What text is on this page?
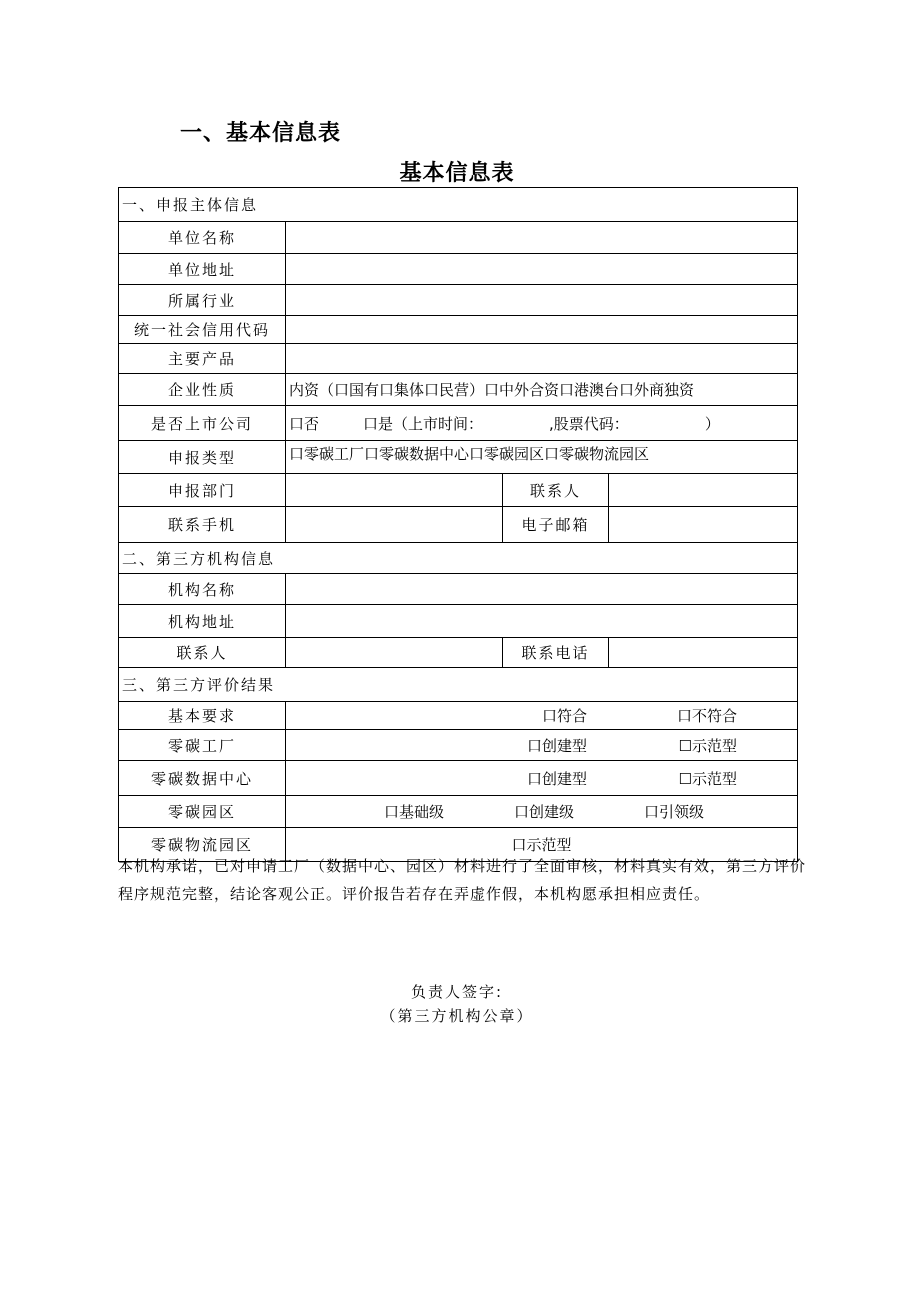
一、基本信息表
基本信息表
一、申报主体信息			
单位名称			
单位地址			
所属行业			
统一社会信用代码			
主要产品			
企业性质	内资（口国有口集体口民营）口中外合资口港澳台口外商独资		
是否上市公司	口否 口是（上市时间： ,股票代码： ）		
申报类型	口零碳工厂口零碳数据中心口零碳园区口零碳物流园区		
申报部门		联系人	
联系手机		电子邮箱	
二、第三方机构信息			
机构名称			
机构地址			
联系人		联系电话	
三、第三方评价结果			
基本要求	口符合 口不符合		

零碳工厂	口创建型 ☐示范型		

零碳数据中心	口创建型 ☐示范型		

零碳园区	口基础级 口创建级 口引领级		

零碳物流园区	口示范型		
本机构承诺，已对申请工厂（数据中心、园区）材料进行了全面审核，材料真实有效，第三方评价程序规范完整，结论客观公正。评价报告若存在弄虚作假，本机构愿承担相应责任。
负责人签字:
（第三方机构公章）
